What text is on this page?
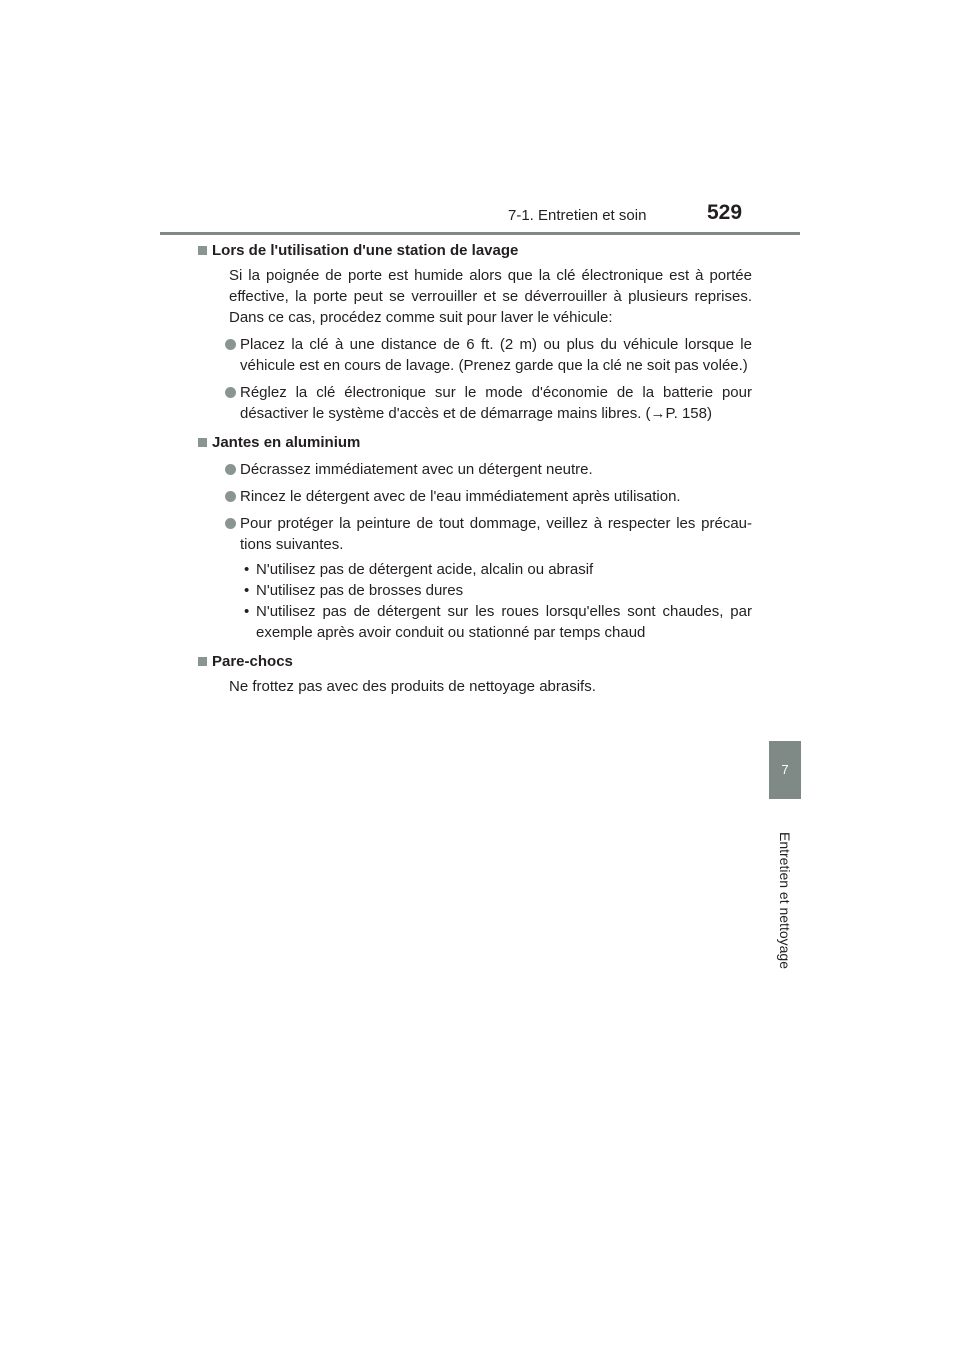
7-1. Entretien et soin	529
7
Entretien et nettoyage
Lors de l'utilisation d'une station de lavage

Si la poignée de porte est humide alors que la clé électronique est à portée effective, la porte peut se verrouiller et se déverrouiller à plusieurs reprises. Dans ce cas, procédez comme suit pour laver le véhicule:

Placez la clé à une distance de 6 ft. (2 m) ou plus du véhicule lorsque le véhicule est en cours de lavage. (Prenez garde que la clé ne soit pas volée.)
Réglez la clé électronique sur le mode d'économie de la batterie pour désactiver le système d'accès et de démarrage mains libres. (→P. 158)
Jantes en aluminium
Décrassez immédiatement avec un détergent neutre.
Rincez le détergent avec de l'eau immédiatement après utilisation.
Pour protéger la peinture de tout dommage, veillez à respecter les précau-tions suivantes.

• N'utilisez pas de détergent acide, alcalin ou abrasif

• N'utilisez pas de brosses dures

• N'utilisez pas de détergent sur les roues lorsqu'elles sont chaudes, par exemple après avoir conduit ou stationné par temps chaud

Pare-chocs

Ne frottez pas avec des produits de nettoyage abrasifs.
